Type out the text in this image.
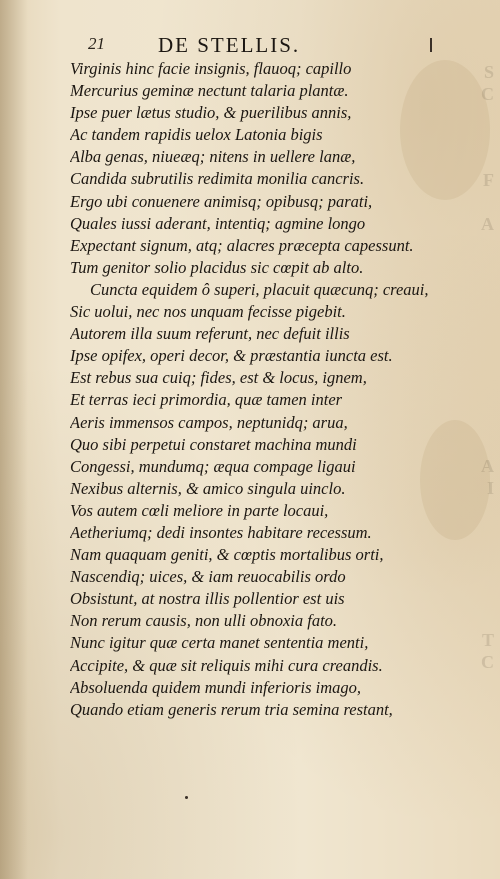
S
C
F
A
A
I
T
C
21	DE STELLIS.
Virginis hinc facie insignis, flauoq; capillo
Mercurius geminæ nectunt talaria plantæ.
Ipse puer lætus studio, & puerilibus annis,
Ac tandem rapidis uelox Latonia bigis
Alba genas, niueæq; nitens in uellere lanæ,
Candida subrutilis redimita monilia cancris.
Ergo ubi conuenere animisq; opibusq; parati,
Quales iussi aderant, intentiq; agmine longo
Expectant signum, atq; alacres præcepta capessunt.
Tum genitor solio placidus sic cœpit ab alto.
Cuncta equidem ô superi, placuit quæcunq; creaui,
Sic uolui, nec nos unquam fecisse pigebit.
Autorem illa suum referunt, nec defuit illis
Ipse opifex, operi decor, & præstantia iuncta est.
Est rebus sua cuiq; fides, est & locus, ignem,
Et terras ieci primordia, quæ tamen inter
Aeris immensos campos, neptunidq; arua,
Quo sibi perpetui constaret machina mundi
Congessi, mundumq; æqua compage ligaui
Nexibus alternis, & amico singula uinclo.
Vos autem cœli meliore in parte locaui,
Aetheriumq; dedi insontes habitare recessum.
Nam quaquam geniti, & cœptis mortalibus orti,
Nascendiq; uices, & iam reuocabilis ordo
Obsistunt, at nostra illis pollentior est uis
Non rerum causis, non ulli obnoxia fato.
Nunc igitur quæ certa manet sententia menti,
Accipite, & quæ sit reliquis mihi cura creandis.
Absoluenda quidem mundi inferioris imago,
Quando etiam generis rerum tria semina restant,
